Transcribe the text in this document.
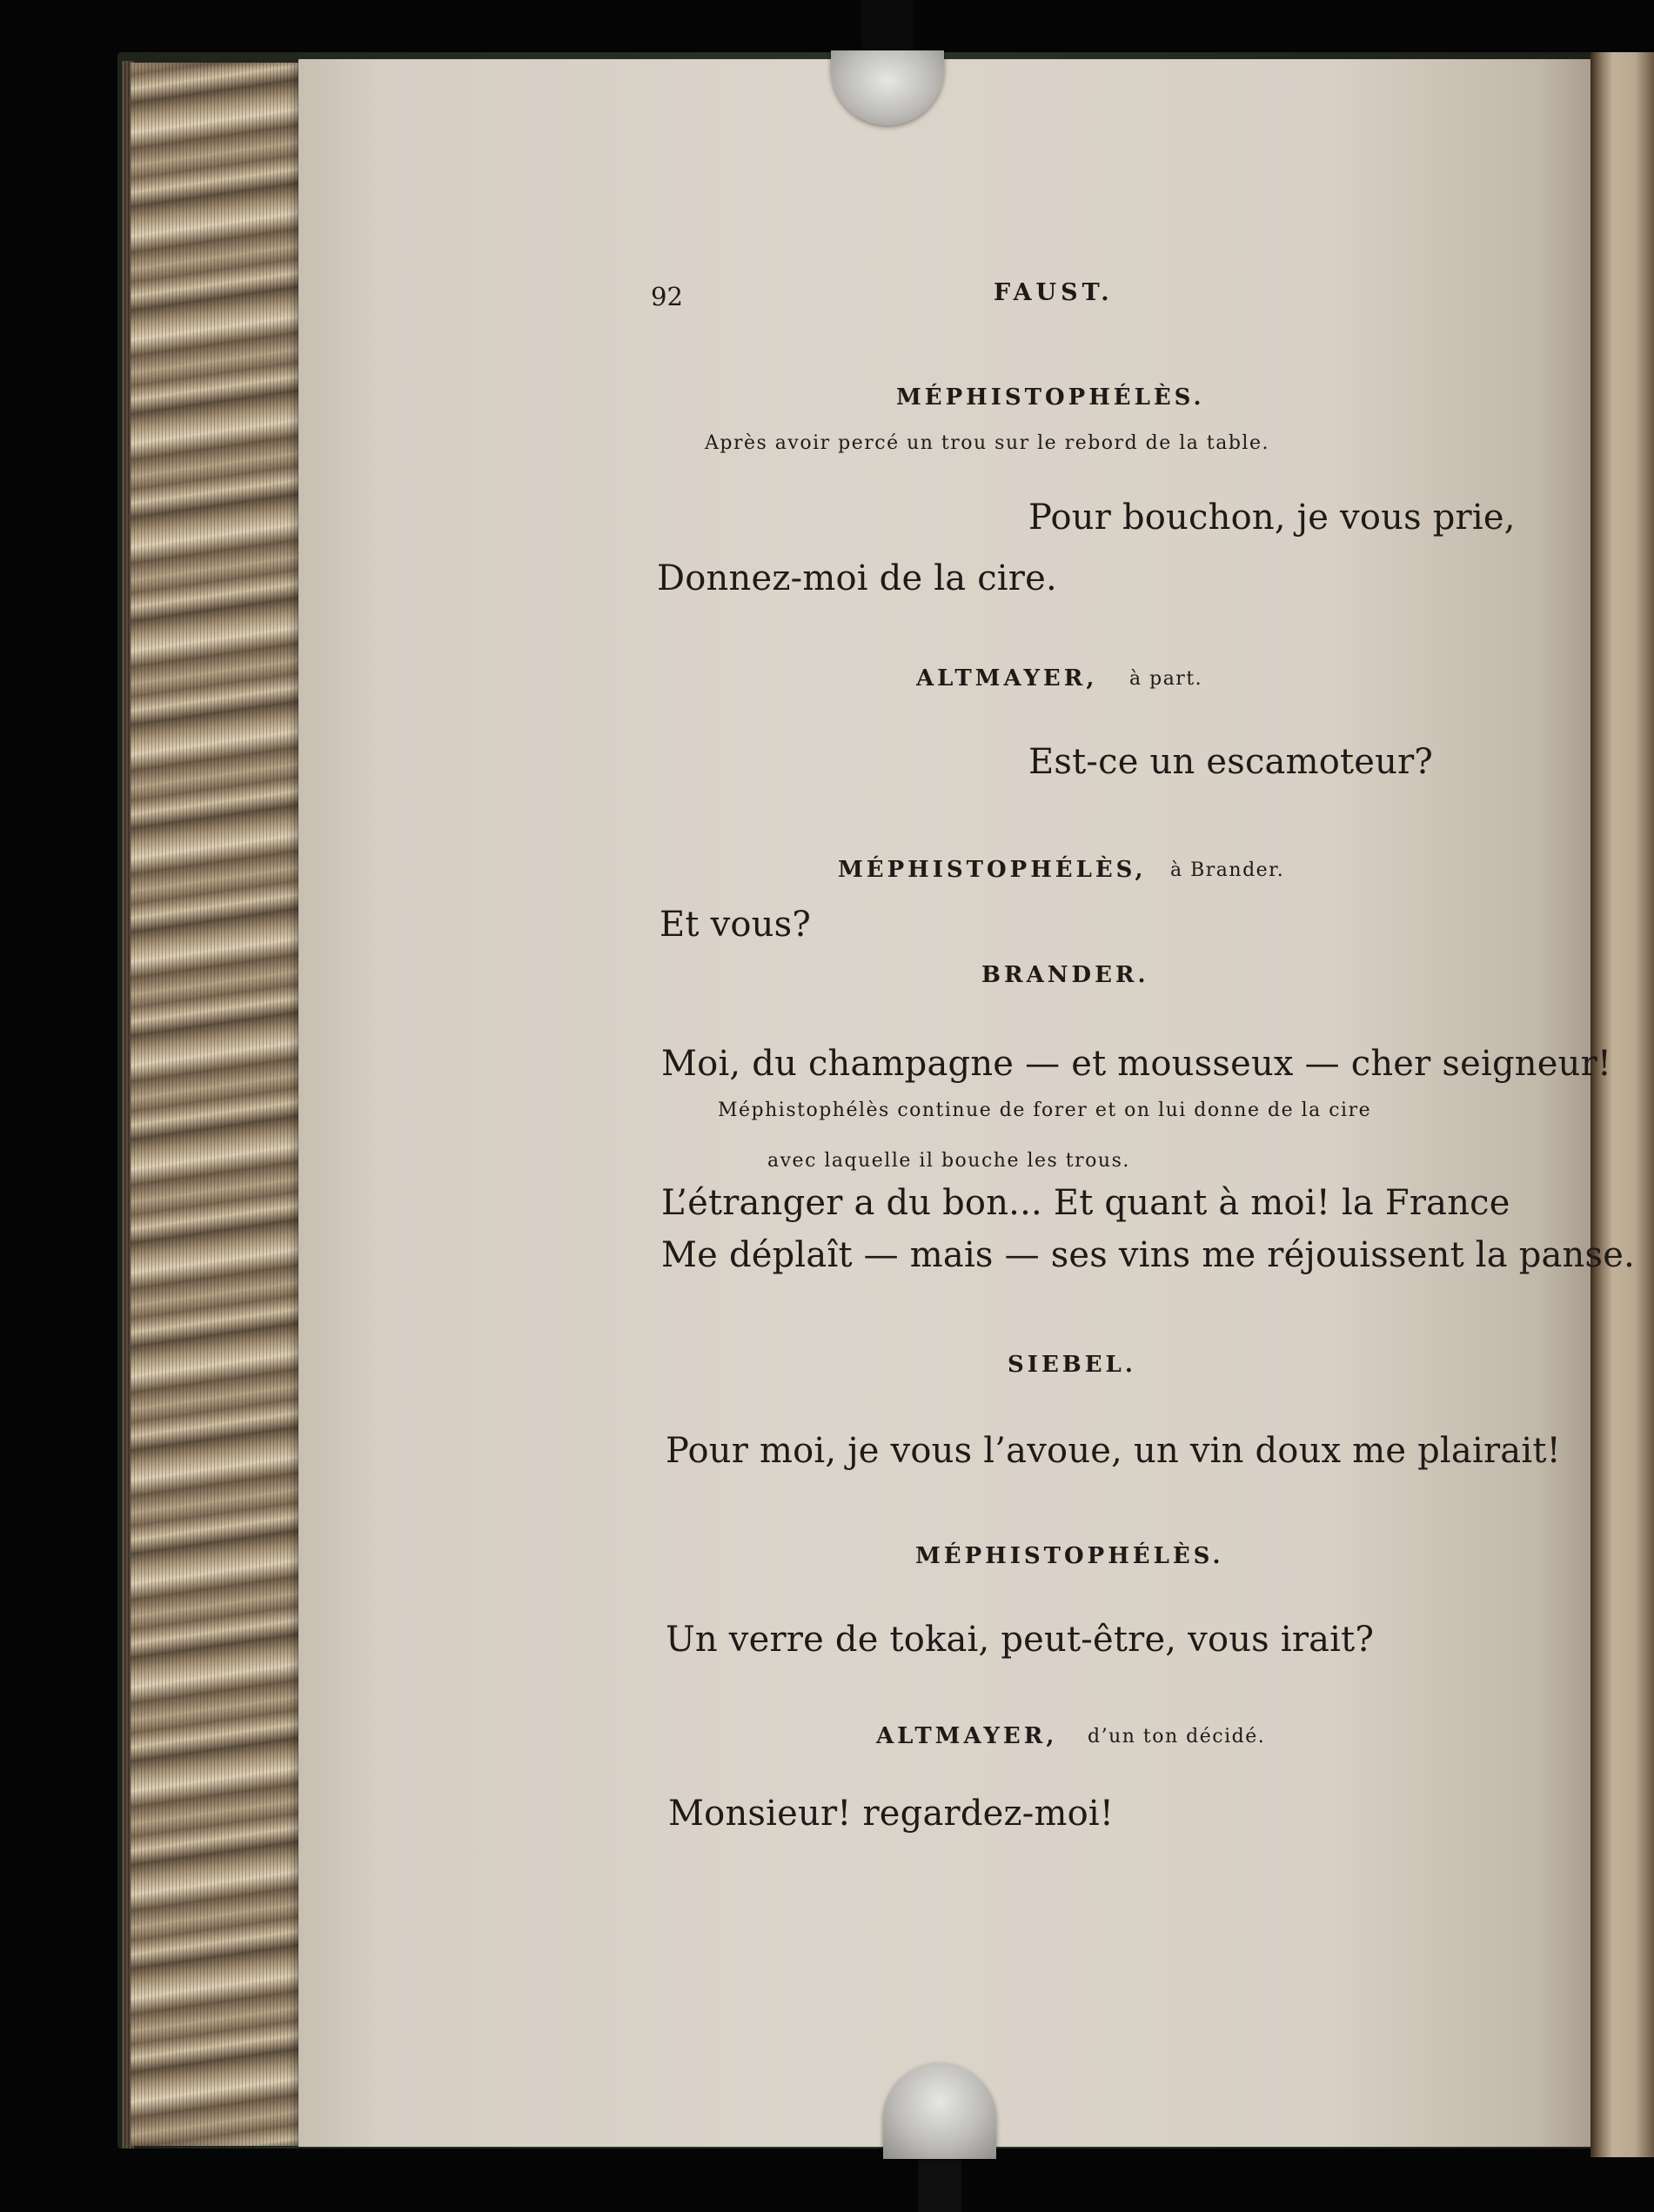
92	FAUST.
MÉPHISTOPHÉLÈS.
Après avoir percé un trou sur le rebord de la table.
Pour bouchon, je vous prie,
Donnez-moi de la cire.
ALTMAYER, à part.
Est-ce un escamoteur?
MÉPHISTOPHÉLÈS, à Brander.
Et vous?
BRANDER.
Moi, du champagne — et mousseux — cher seigneur!
Méphistophélès continue de forer et on lui donne de la cire
avec laquelle il bouche les trous.
L’étranger a du bon... Et quant à moi! la France
Me déplaît — mais — ses vins me réjouissent la panse.
SIEBEL.
Pour moi, je vous l’avoue, un vin doux me plairait!
MÉPHISTOPHÉLÈS.
Un verre de tokai, peut-être, vous irait?
ALTMAYER, d’un ton décidé.
Monsieur! regardez-moi!
